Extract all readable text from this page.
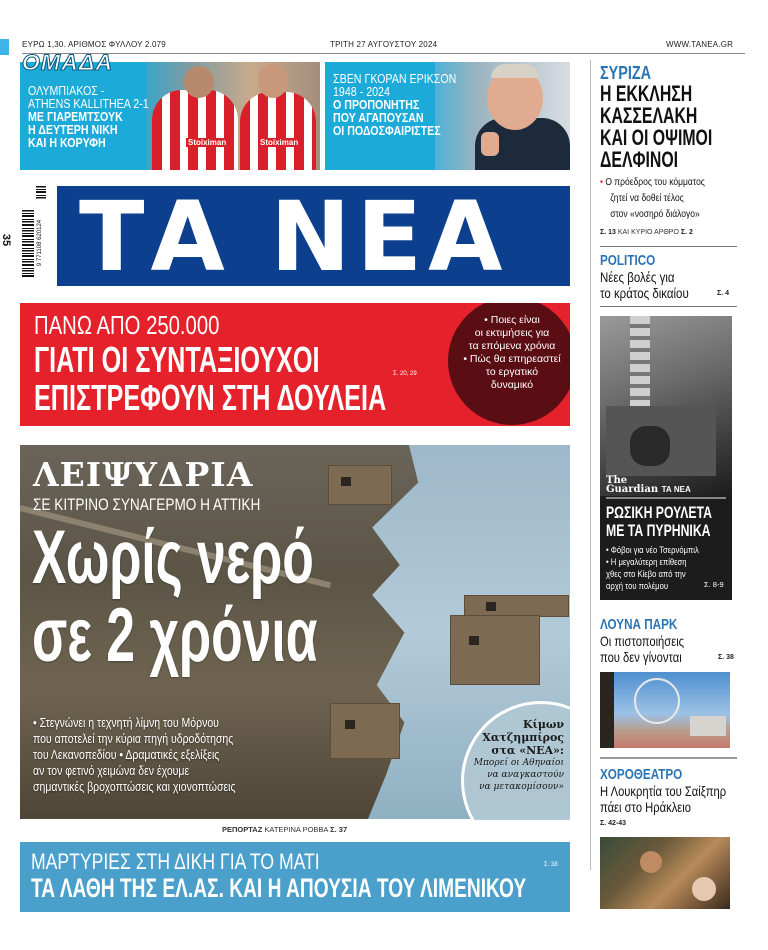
ΕΥΡΩ 1,30. ΑΡΙΘΜΟΣ ΦΥΛΛΟΥ 2.079	ΤΡΙΤΗ 27 ΑΥΓΟΥΣΤΟΥ 2024	WWW.TANEA.GR
ΟΜΑΔΑ
Stoiximan	Stoiximan
ΟΛΥΜΠΙΑΚΟΣ -
ATHENS KALLITHEA 2-1
ΜΕ ΓΙΑΡΕΜΤΣΟΥΚ
Η ΔΕΥΤΕΡΗ ΝΙΚΗ
ΚΑΙ Η ΚΟΡΥΦΗ
ΣΒΕΝ ΓΚΟΡΑΝ ΕΡΙΚΣΟΝ
1948 - 2024
Ο ΠΡΟΠΟΝΗΤΗΣ
ΠΟΥ ΑΓΑΠΟΥΣΑΝ
ΟΙ ΠΟΔΟΣΦΑΙΡΙΣΤΕΣ
35	9 771108 620124 ΤΑ ΝΕΑ
ΠΑΝΩ ΑΠΟ 250.000
ΓΙΑΤΙ ΟΙ ΣΥΝΤΑΞΙΟΥΧΟΙ
ΕΠΙΣΤΡΕΦΟΥΝ ΣΤΗ ΔΟΥΛΕΙΑ
Σ. 20, 29
• Ποιες είναι
οι εκτιμήσεις για
τα επόμενα χρόνια
• Πώς θα επηρεαστεί
το εργατικό
δυναμικό
ΛΕΙΨΥΔΡΙΑ
ΣΕ ΚΙΤΡΙΝΟ ΣΥΝΑΓΕΡΜΟ Η ΑΤΤΙΚΗ
Χωρίς νερό
σε 2 χρόνια
• Στεγνώνει η τεχνητή λίμνη του Μόρνου
που αποτελεί την κύρια πηγή υδροδότησης
του Λεκανοπεδίου • Δραματικές εξελίξεις
αν τον φετινό χειμώνα δεν έχουμε
σημαντικές βροχοπτώσεις και χιονοπτώσεις
Κίμων
Χατζημπίρος
στα «ΝΕΑ»:
Μπορεί οι Αθηναίοι
να αναγκαστούν
να μετακομίσουν»
ΡΕΠΟΡΤΑΖ ΚΑΤΕΡΙΝΑ ΡΟΒΒΑ Σ. 37
ΜΑΡΤΥΡΙΕΣ ΣΤΗ ΔΙΚΗ ΓΙΑ ΤΟ ΜΑΤΙ
ΤΑ ΛΑΘΗ ΤΗΣ ΕΛ.ΑΣ. ΚΑΙ Η ΑΠΟΥΣΙΑ ΤΟΥ ΛΙΜΕΝΙΚΟΥ
Σ. 38
ΣΥΡΙΖΑ
Η ΕΚΚΛΗΣΗ
ΚΑΣΣΕΛΑΚΗ
ΚΑΙ ΟΙ ΟΨΙΜΟΙ
ΔΕΛΦΙΝΟΙ
• Ο πρόεδρος του κόμματος
ζητεί να δοθεί τέλος
στον «νοσηρό διάλογο»
Σ. 13 ΚΑΙ ΚΥΡΙΟ ΑΡΘΡΟ Σ. 2
POLITICO
Νέες βολές για
το κράτος δικαίου	Σ. 4
The
Guardian ΤΑ ΝΕΑ
ΡΩΣΙΚΗ ΡΟΥΛΕΤΑ
ΜΕ ΤΑ ΠΥΡΗΝΙΚΑ
• Φόβοι για νέο Τσερνόμπιλ
• Η μεγαλύτερη επίθεση
χθες στο Κίεβο από την
αρχή του πολέμου	Σ. 8-9
ΛΟΥΝΑ ΠΑΡΚ
Οι πιστοποιήσεις
που δεν γίνονται	Σ. 38
ΧΟΡΟΘΕΑΤΡΟ
Η Λουκρητία του Σαίξπηρ
πάει στο Ηράκλειο
Σ. 42-43
